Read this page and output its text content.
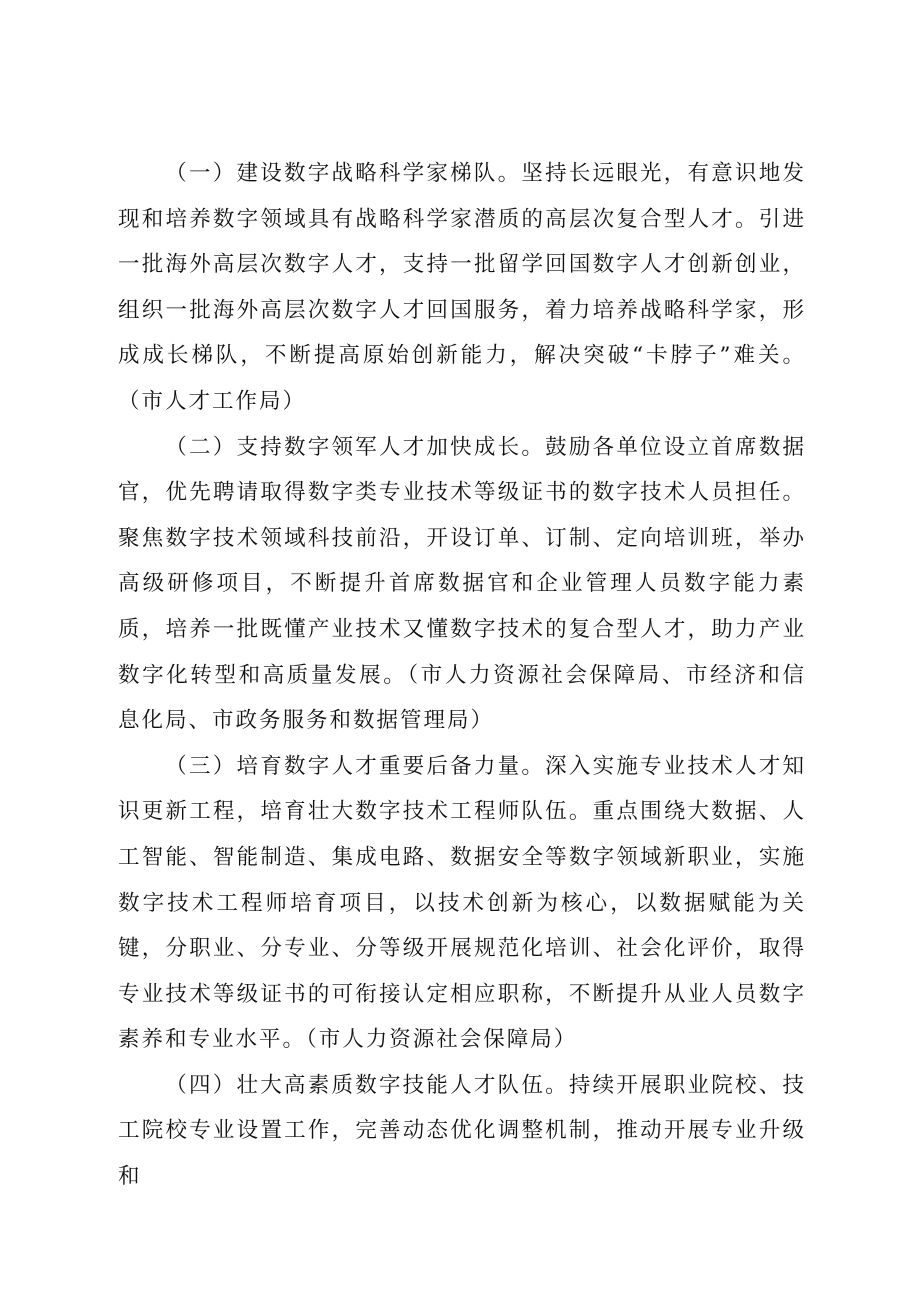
（一）建设数字战略科学家梯队。坚持长远眼光，有意识地发现和培养数字领域具有战略科学家潜质的高层次复合型人才。引进一批海外高层次数字人才，支持一批留学回国数字人才创新创业，组织一批海外高层次数字人才回国服务，着力培养战略科学家，形成成长梯队，不断提高原始创新能力，解决突破“卡脖子”难关。（市人才工作局）

（二）支持数字领军人才加快成长。鼓励各单位设立首席数据官，优先聘请取得数字类专业技术等级证书的数字技术人员担任。聚焦数字技术领域科技前沿，开设订单、订制、定向培训班，举办高级研修项目，不断提升首席数据官和企业管理人员数字能力素质，培养一批既懂产业技术又懂数字技术的复合型人才，助力产业数字化转型和高质量发展。（市人力资源社会保障局、市经济和信息化局、市政务服务和数据管理局）

（三）培育数字人才重要后备力量。深入实施专业技术人才知识更新工程，培育壮大数字技术工程师队伍。重点围绕大数据、人工智能、智能制造、集成电路、数据安全等数字领域新职业，实施数字技术工程师培育项目，以技术创新为核心，以数据赋能为关键，分职业、分专业、分等级开展规范化培训、社会化评价，取得专业技术等级证书的可衔接认定相应职称，不断提升从业人员数字素养和专业水平。（市人力资源社会保障局）

（四）壮大高素质数字技能人才队伍。持续开展职业院校、技工院校专业设置工作，完善动态优化调整机制，推动开展专业升级和
